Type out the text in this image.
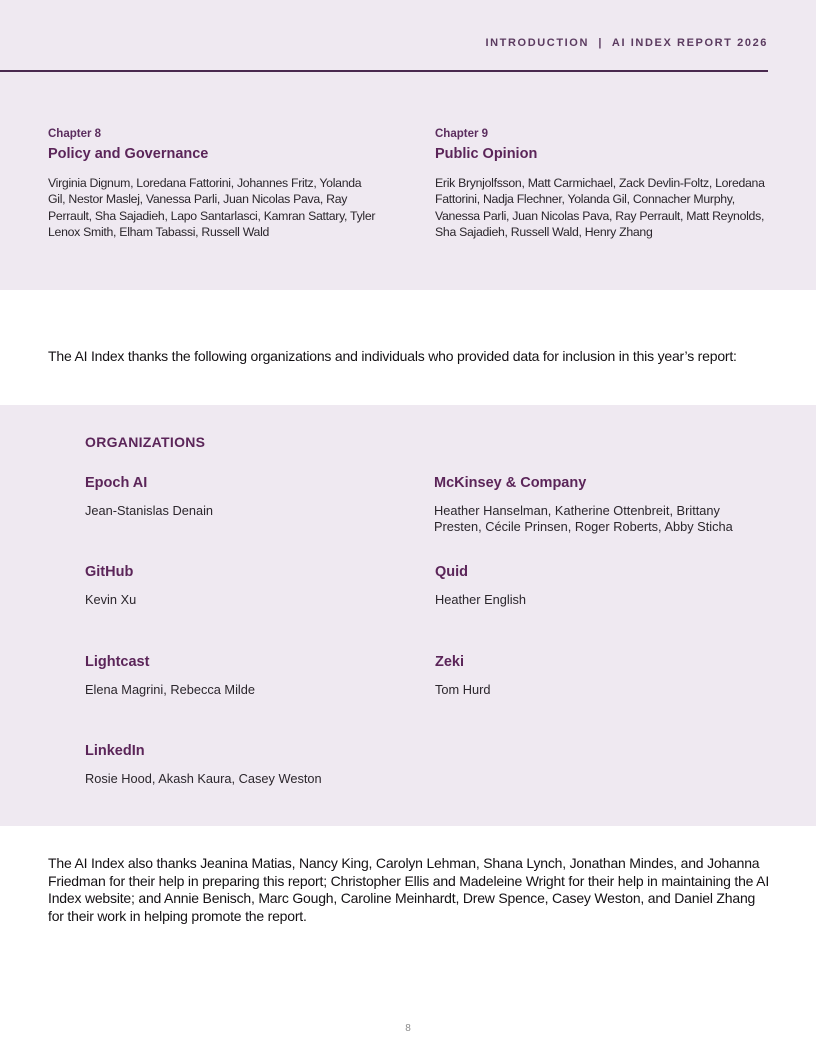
INTRODUCTION  |  AI INDEX REPORT 2026

Chapter 8

Policy and Governance

Virginia Dignum, Loredana Fattorini, Johannes Fritz, Yolanda Gil, Nestor Maslej, Vanessa Parli, Juan Nicolas Pava, Ray Perrault, Sha Sajadieh, Lapo Santarlasci, Kamran Sattary, Tyler Lenox Smith, Elham Tabassi, Russell Wald

Chapter 9

Public Opinion

Erik Brynjolfsson, Matt Carmichael, Zack Devlin-Foltz, Loredana Fattorini, Nadja Flechner, Yolanda Gil, Connacher Murphy, Vanessa Parli, Juan Nicolas Pava, Ray Perrault, Matt Reynolds, Sha Sajadieh, Russell Wald, Henry Zhang

The AI Index thanks the following organizations and individuals who provided data for inclusion in this year’s report:

ORGANIZATIONS

Epoch AI

Jean-Stanislas Denain

McKinsey & Company

Heather Hanselman, Katherine Ottenbreit, Brittany Presten, Cécile Prinsen, Roger Roberts, Abby Sticha

GitHub

Kevin Xu

Quid

Heather English

Lightcast

Elena Magrini, Rebecca Milde

Zeki

Tom Hurd

LinkedIn

Rosie Hood, Akash Kaura, Casey Weston

The AI Index also thanks Jeanina Matias, Nancy King, Carolyn Lehman, Shana Lynch, Jonathan Mindes, and Johanna Friedman for their help in preparing this report; Christopher Ellis and Madeleine Wright for their help in maintaining the AI Index website; and Annie Benisch, Marc Gough, Caroline Meinhardt, Drew Spence, Casey Weston, and Daniel Zhang for their work in helping promote the report.

8
